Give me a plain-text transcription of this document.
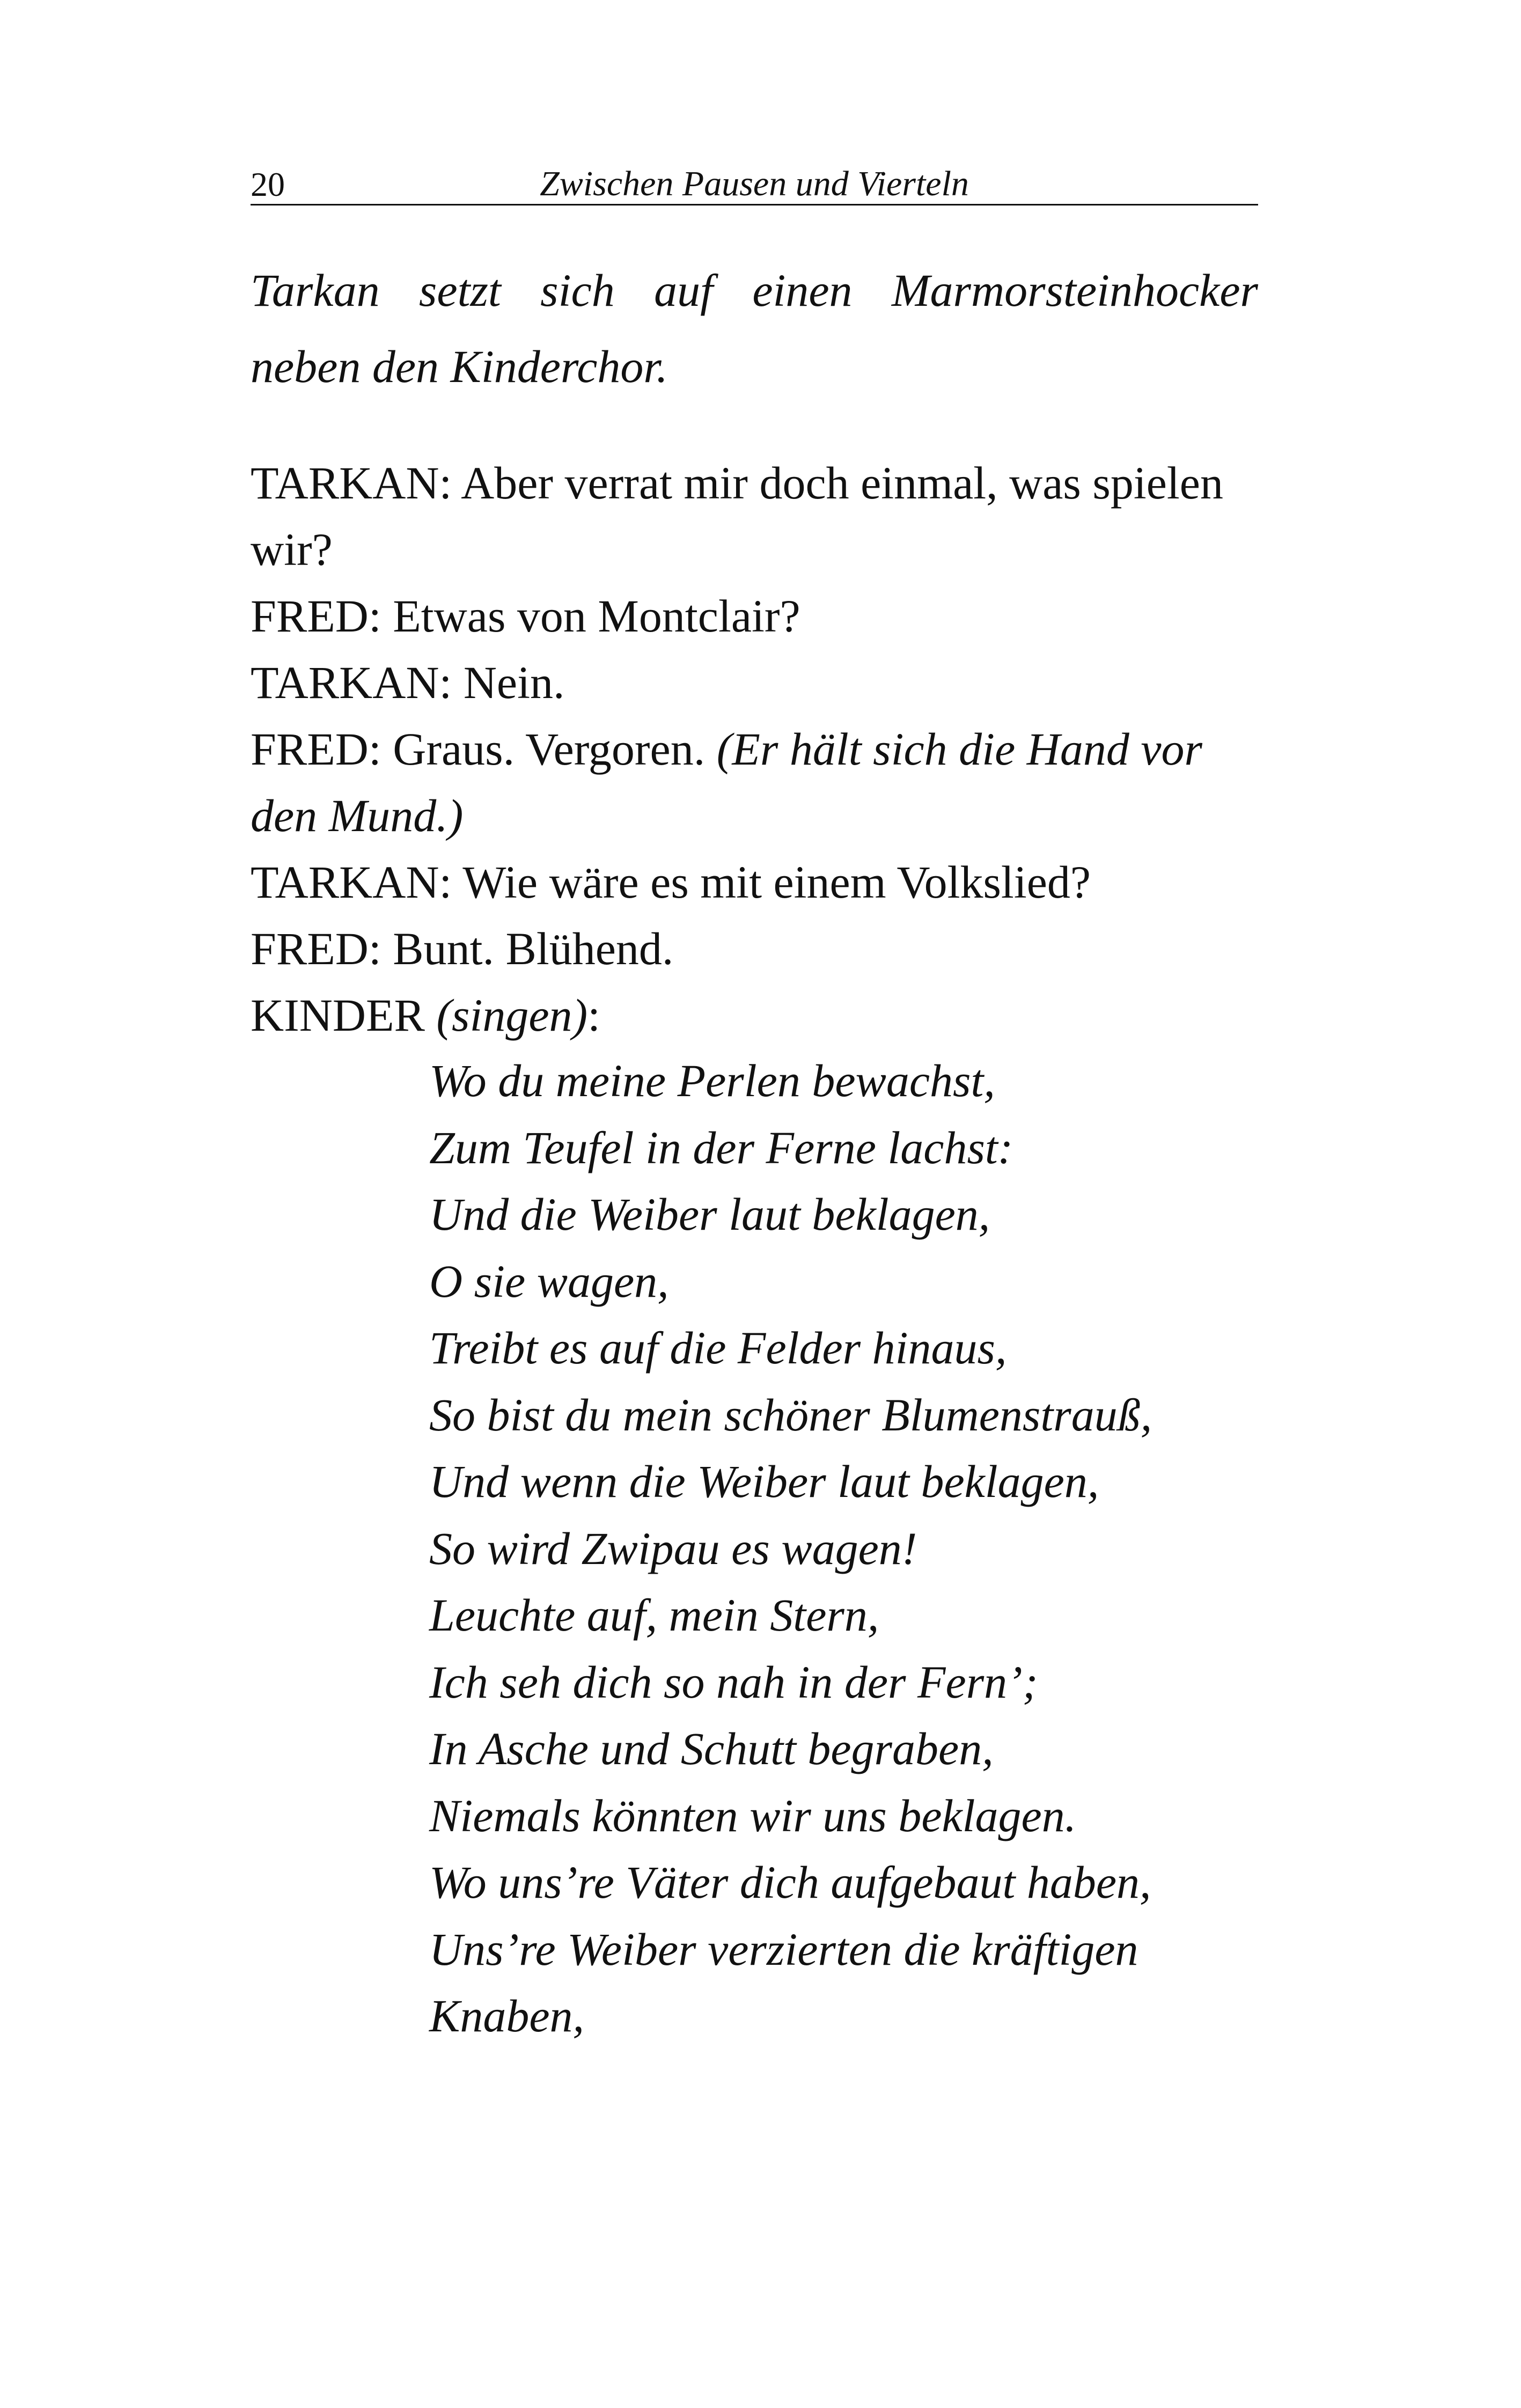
20	Zwischen Pausen und Vierteln
Tarkan setzt sich auf einen Marmorsteinhocker
neben den Kinderchor.
TARKAN: Aber verrat mir doch einmal, was spielen
wir?
FRED: Etwas von Montclair?
TARKAN: Nein.
FRED: Graus. Vergoren. (Er hält sich die Hand vor
den Mund.)
TARKAN: Wie wäre es mit einem Volkslied?
FRED: Bunt. Blühend.
KINDER (singen):
Wo du meine Perlen bewachst,
Zum Teufel in der Ferne lachst:
Und die Weiber laut beklagen,
O sie wagen,
Treibt es auf die Felder hinaus,
So bist du mein schöner Blumenstrauß,
Und wenn die Weiber laut beklagen,
So wird Zwipau es wagen!
Leuchte auf, mein Stern,
Ich seh dich so nah in der Fern’;
In Asche und Schutt begraben,
Niemals könnten wir uns beklagen.
Wo uns’re Väter dich aufgebaut haben,
Uns’re Weiber verzierten die kräftigen
Knaben,
